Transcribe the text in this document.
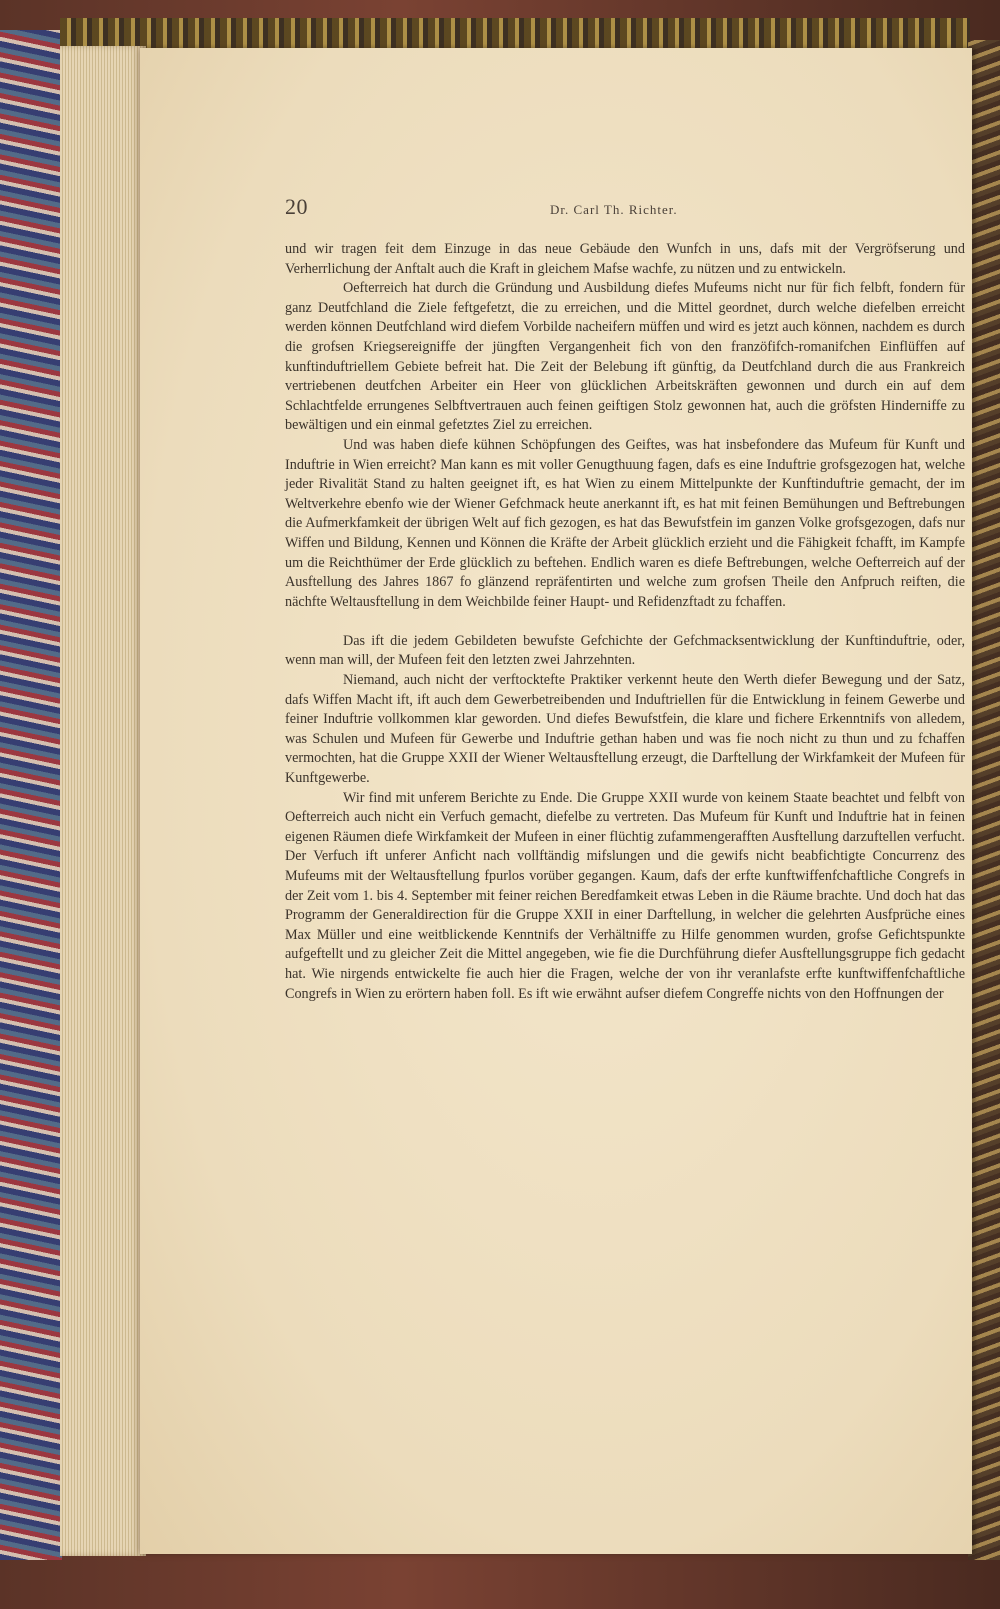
20	Dr. Carl Th. Richter.

und wir tragen feit dem Einzuge in das neue Gebäude den Wunfch in uns, dafs mit der Vergröfserung und Verherrlichung der Anftalt auch die Kraft in gleichem Mafse wachfe, zu nützen und zu entwickeln.

Oefterreich hat durch die Gründung und Ausbildung diefes Mufeums nicht nur für fich felbft, fondern für ganz Deutfchland die Ziele feftgefetzt, die zu erreichen, und die Mittel geordnet, durch welche diefelben erreicht werden können Deutfchland wird diefem Vorbilde nacheifern müffen und wird es jetzt auch können, nachdem es durch die grofsen Kriegsereigniffe der jüngften Vergangenheit fich von den franzöfifch-romanifchen Einflüffen auf kunftinduftriellem Gebiete befreit hat. Die Zeit der Belebung ift günftig, da Deutfchland durch die aus Frankreich vertriebenen deutfchen Arbeiter ein Heer von glücklichen Arbeitskräften gewonnen und durch ein auf dem Schlachtfelde errungenes Selbftvertrauen auch feinen geiftigen Stolz gewonnen hat, auch die gröfsten Hinderniffe zu bewältigen und ein einmal gefetztes Ziel zu erreichen.

Und was haben diefe kühnen Schöpfungen des Geiftes, was hat insbefondere das Mufeum für Kunft und Induftrie in Wien erreicht? Man kann es mit voller Genugthuung fagen, dafs es eine Induftrie grofsgezogen hat, welche jeder Rivalität Stand zu halten geeignet ift, es hat Wien zu einem Mittelpunkte der Kunftinduftrie gemacht, der im Weltverkehre ebenfo wie der Wiener Gefchmack heute anerkannt ift, es hat mit feinen Bemühungen und Beftrebungen die Aufmerkfamkeit der übrigen Welt auf fich gezogen, es hat das Bewufstfein im ganzen Volke grofsgezogen, dafs nur Wiffen und Bildung, Kennen und Können die Kräfte der Arbeit glücklich erzieht und die Fähigkeit fchafft, im Kampfe um die Reichthümer der Erde glücklich zu beftehen. Endlich waren es diefe Beftrebungen, welche Oefterreich auf der Ausftellung des Jahres 1867 fo glänzend repräfentirten und welche zum grofsen Theile den Anfpruch reiften, die nächfte Weltausftellung in dem Weichbilde feiner Haupt- und Refidenzftadt zu fchaffen.

Das ift die jedem Gebildeten bewufste Gefchichte der Gefchmacksentwicklung der Kunftinduftrie, oder, wenn man will, der Mufeen feit den letzten zwei Jahrzehnten.

Niemand, auch nicht der verftocktefte Praktiker verkennt heute den Werth diefer Bewegung und der Satz, dafs Wiffen Macht ift, ift auch dem Gewerbetreibenden und Induftriellen für die Entwicklung in feinem Gewerbe und feiner Induftrie vollkommen klar geworden. Und diefes Bewufstfein, die klare und fichere Erkenntnifs von alledem, was Schulen und Mufeen für Gewerbe und Induftrie gethan haben und was fie noch nicht zu thun und zu fchaffen vermochten, hat die Gruppe XXII der Wiener Weltausftellung erzeugt, die Darftellung der Wirkfamkeit der Mufeen für Kunftgewerbe.

Wir find mit unferem Berichte zu Ende. Die Gruppe XXII wurde von keinem Staate beachtet und felbft von Oefterreich auch nicht ein Verfuch gemacht, diefelbe zu vertreten. Das Mufeum für Kunft und Induftrie hat in feinen eigenen Räumen diefe Wirkfamkeit der Mufeen in einer flüchtig zufammengerafften Ausftellung darzuftellen verfucht. Der Verfuch ift unferer Anficht nach vollftändig mifslungen und die gewifs nicht beabfichtigte Concurrenz des Mufeums mit der Weltausftellung fpurlos vorüber gegangen. Kaum, dafs der erfte kunftwiffenfchaftliche Congrefs in der Zeit vom 1. bis 4. September mit feiner reichen Beredfamkeit etwas Leben in die Räume brachte. Und doch hat das Programm der Generaldirection für die Gruppe XXII in einer Darftellung, in welcher die gelehrten Ausfprüche eines Max Müller und eine weitblickende Kenntnifs der Verhältniffe zu Hilfe genommen wurden, grofse Gefichtspunkte aufgeftellt und zu gleicher Zeit die Mittel angegeben, wie fie die Durchführung diefer Ausftellungsgruppe fich gedacht hat. Wie nirgends entwickelte fie auch hier die Fragen, welche der von ihr veranlafste erfte kunftwiffenfchaftliche Congrefs in Wien zu erörtern haben foll. Es ift wie erwähnt aufser diefem Congreffe nichts von den Hoffnungen der
